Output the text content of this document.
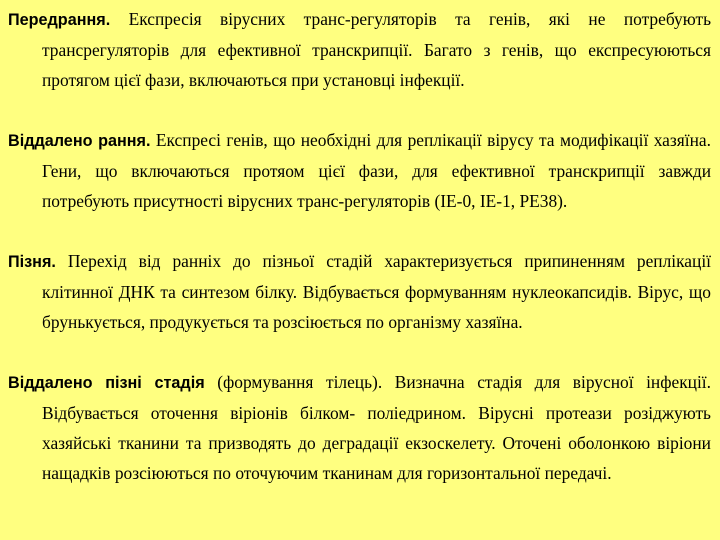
Передрання. Експресія вірусних транс-регуляторів та генів, які не потребують трансрегуляторів для ефективної транскрипції. Багато з генів, що експресуюються протягом цієї фази, включаються при установці інфекції.

Віддалено рання. Експресі генів, що необхідні для реплікації вірусу та модифікації хазяїна. Гени, що включаються протяом цієї фази, для ефективної транскрипції завжди потребують присутності вірусних транс-регуляторів (ІЕ-0, ІЕ-1, РЕ38).

Пізня. Перехід від ранніх до пізньої стадій характеризується припиненням реплікації клітинної ДНК та синтезом білку. Відбувається формуванням нуклеокапсидів. Вірус, що брунькується, продукується та розсіюється по організму хазяїна.

Віддалено пізні стадія (формування тілець). Визначна стадія для вірусної інфекції. Відбувається оточення віріонів білком- поліедрином. Вірусні протеази розіджують хазяйські тканини та призводять до деградації екзоскелету. Оточені оболонкою віріони нащадків розсіюються по оточуючим тканинам для горизонтальної передачі.
